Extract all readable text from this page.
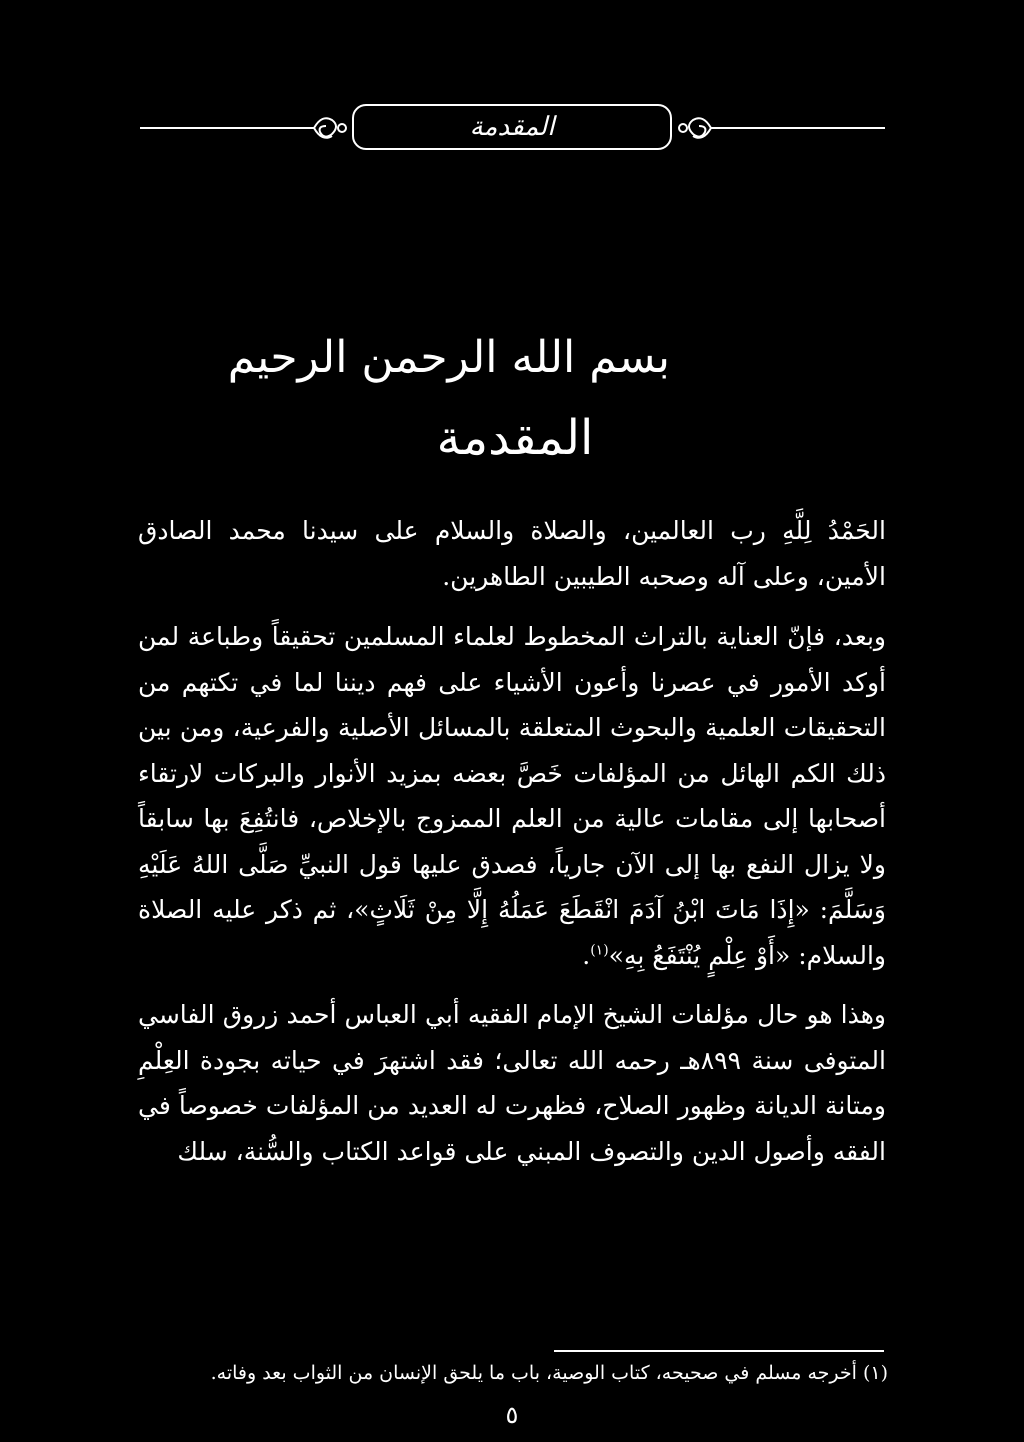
المقدمة
بسم الله الرحمن الرحيم
المقدمة

الحَمْدُ لِلَّهِ رب العالمين، والصلاة والسلام على سيدنا محمد الصادق الأمين، وعلى آله وصحبه الطيبين الطاهرين.

وبعد، فإنّ العناية بالتراث المخطوط لعلماء المسلمين تحقيقاً وطباعة لمن أوكد الأمور في عصرنا وأعون الأشياء على فهم ديننا لما في تكتهم من التحقيقات العلمية والبحوث المتعلقة بالمسائل الأصلية والفرعية، ومن بين ذلك الكم الهائل من المؤلفات خَصَّ بعضه بمزيد الأنوار والبركات لارتقاء أصحابها إلى مقامات عالية من العلم الممزوج بالإخلاص، فانتُفِعَ بها سابقاً ولا يزال النفع بها إلى الآن جارياً، فصدق عليها قول النبيِّ صَلَّى اللهُ عَلَيْهِ وَسَلَّمَ: «إِذَا مَاتَ ابْنُ آدَمَ انْقَطَعَ عَمَلُهُ إِلَّا مِنْ ثَلَاثٍ»، ثم ذكر عليه الصلاة والسلام: «أَوْ عِلْمٍ يُنْتَفَعُ بِهِ»$^{(١)}$.

وهذا هو حال مؤلفات الشيخ الإمام الفقيه أبي العباس أحمد زروق الفاسي المتوفى سنة ٨٩٩هـ رحمه الله تعالى؛ فقد اشتهرَ في حياته بجودة العِلْمِ ومتانة الديانة وظهور الصلاح، فظهرت له العديد من المؤلفات خصوصاً في الفقه وأصول الدين والتصوف المبني على قواعد الكتاب والسُّنة، سلك

(١) أخرجه مسلم في صحيحه، كتاب الوصية، باب ما يلحق الإنسان من الثواب بعد وفاته.
٥
